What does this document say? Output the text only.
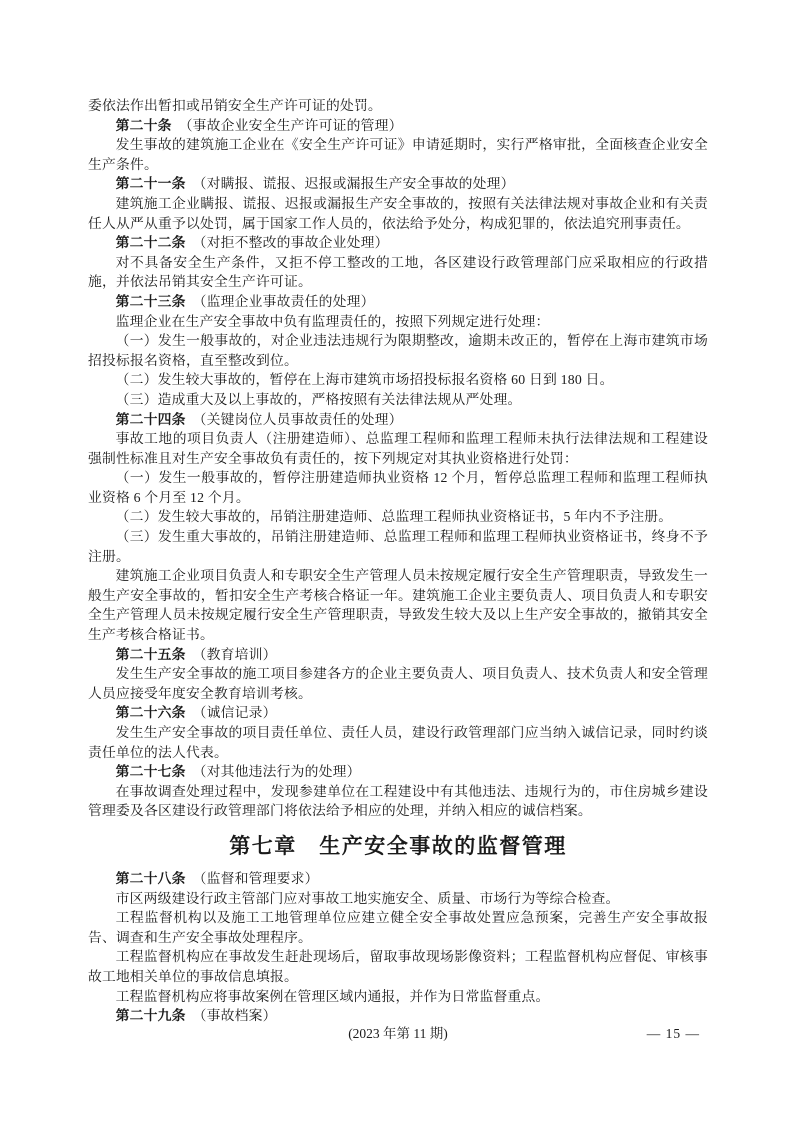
委依法作出暂扣或吊销安全生产许可证的处罚。
第二十条　（事故企业安全生产许可证的管理）
发生事故的建筑施工企业在《安全生产许可证》申请延期时，实行严格审批，全面核查企业安全生产条件。
第二十一条　（对瞒报、谎报、迟报或漏报生产安全事故的处理）
建筑施工企业瞒报、谎报、迟报或漏报生产安全事故的，按照有关法律法规对事故企业和有关责任人从严从重予以处罚，属于国家工作人员的，依法给予处分，构成犯罪的，依法追究刑事责任。
第二十二条　（对拒不整改的事故企业处理）
对不具备安全生产条件，又拒不停工整改的工地，各区建设行政管理部门应采取相应的行政措施，并依法吊销其安全生产许可证。
第二十三条　（监理企业事故责任的处理）
监理企业在生产安全事故中负有监理责任的，按照下列规定进行处理：
（一）发生一般事故的，对企业违法违规行为限期整改，逾期未改正的，暂停在上海市建筑市场招投标报名资格，直至整改到位。
（二）发生较大事故的，暂停在上海市建筑市场招投标报名资格 60 日到 180 日。
（三）造成重大及以上事故的，严格按照有关法律法规从严处理。
第二十四条　（关键岗位人员事故责任的处理）
事故工地的项目负责人（注册建造师）、总监理工程师和监理工程师未执行法律法规和工程建设强制性标准且对生产安全事故负有责任的，按下列规定对其执业资格进行处罚：
（一）发生一般事故的，暂停注册建造师执业资格 12 个月，暂停总监理工程师和监理工程师执业资格 6 个月至 12 个月。
（二）发生较大事故的，吊销注册建造师、总监理工程师执业资格证书，5 年内不予注册。
（三）发生重大事故的，吊销注册建造师、总监理工程师和监理工程师执业资格证书，终身不予注册。
建筑施工企业项目负责人和专职安全生产管理人员未按规定履行安全生产管理职责，导致发生一般生产安全事故的，暂扣安全生产考核合格证一年。建筑施工企业主要负责人、项目负责人和专职安全生产管理人员未按规定履行安全生产管理职责，导致发生较大及以上生产安全事故的，撤销其安全生产考核合格证书。
第二十五条　（教育培训）
发生生产安全事故的施工项目参建各方的企业主要负责人、项目负责人、技术负责人和安全管理人员应接受年度安全教育培训考核。
第二十六条　（诚信记录）
发生生产安全事故的项目责任单位、责任人员，建设行政管理部门应当纳入诚信记录，同时约谈责任单位的法人代表。
第二十七条　（对其他违法行为的处理）
在事故调查处理过程中，发现参建单位在工程建设中有其他违法、违规行为的，市住房城乡建设管理委及各区建设行政管理部门将依法给予相应的处理，并纳入相应的诚信档案。
第七章　生产安全事故的监督管理
第二十八条　（监督和管理要求）
市区两级建设行政主管部门应对事故工地实施安全、质量、市场行为等综合检查。
工程监督机构以及施工工地管理单位应建立健全安全事故处置应急预案，完善生产安全事故报告、调查和生产安全事故处理程序。
工程监督机构应在事故发生赶赴现场后，留取事故现场影像资料；工程监督机构应督促、审核事故工地相关单位的事故信息填报。
工程监督机构应将事故案例在管理区域内通报，并作为日常监督重点。
第二十九条　（事故档案）
(2023 年第 11 期)	— 15 —
